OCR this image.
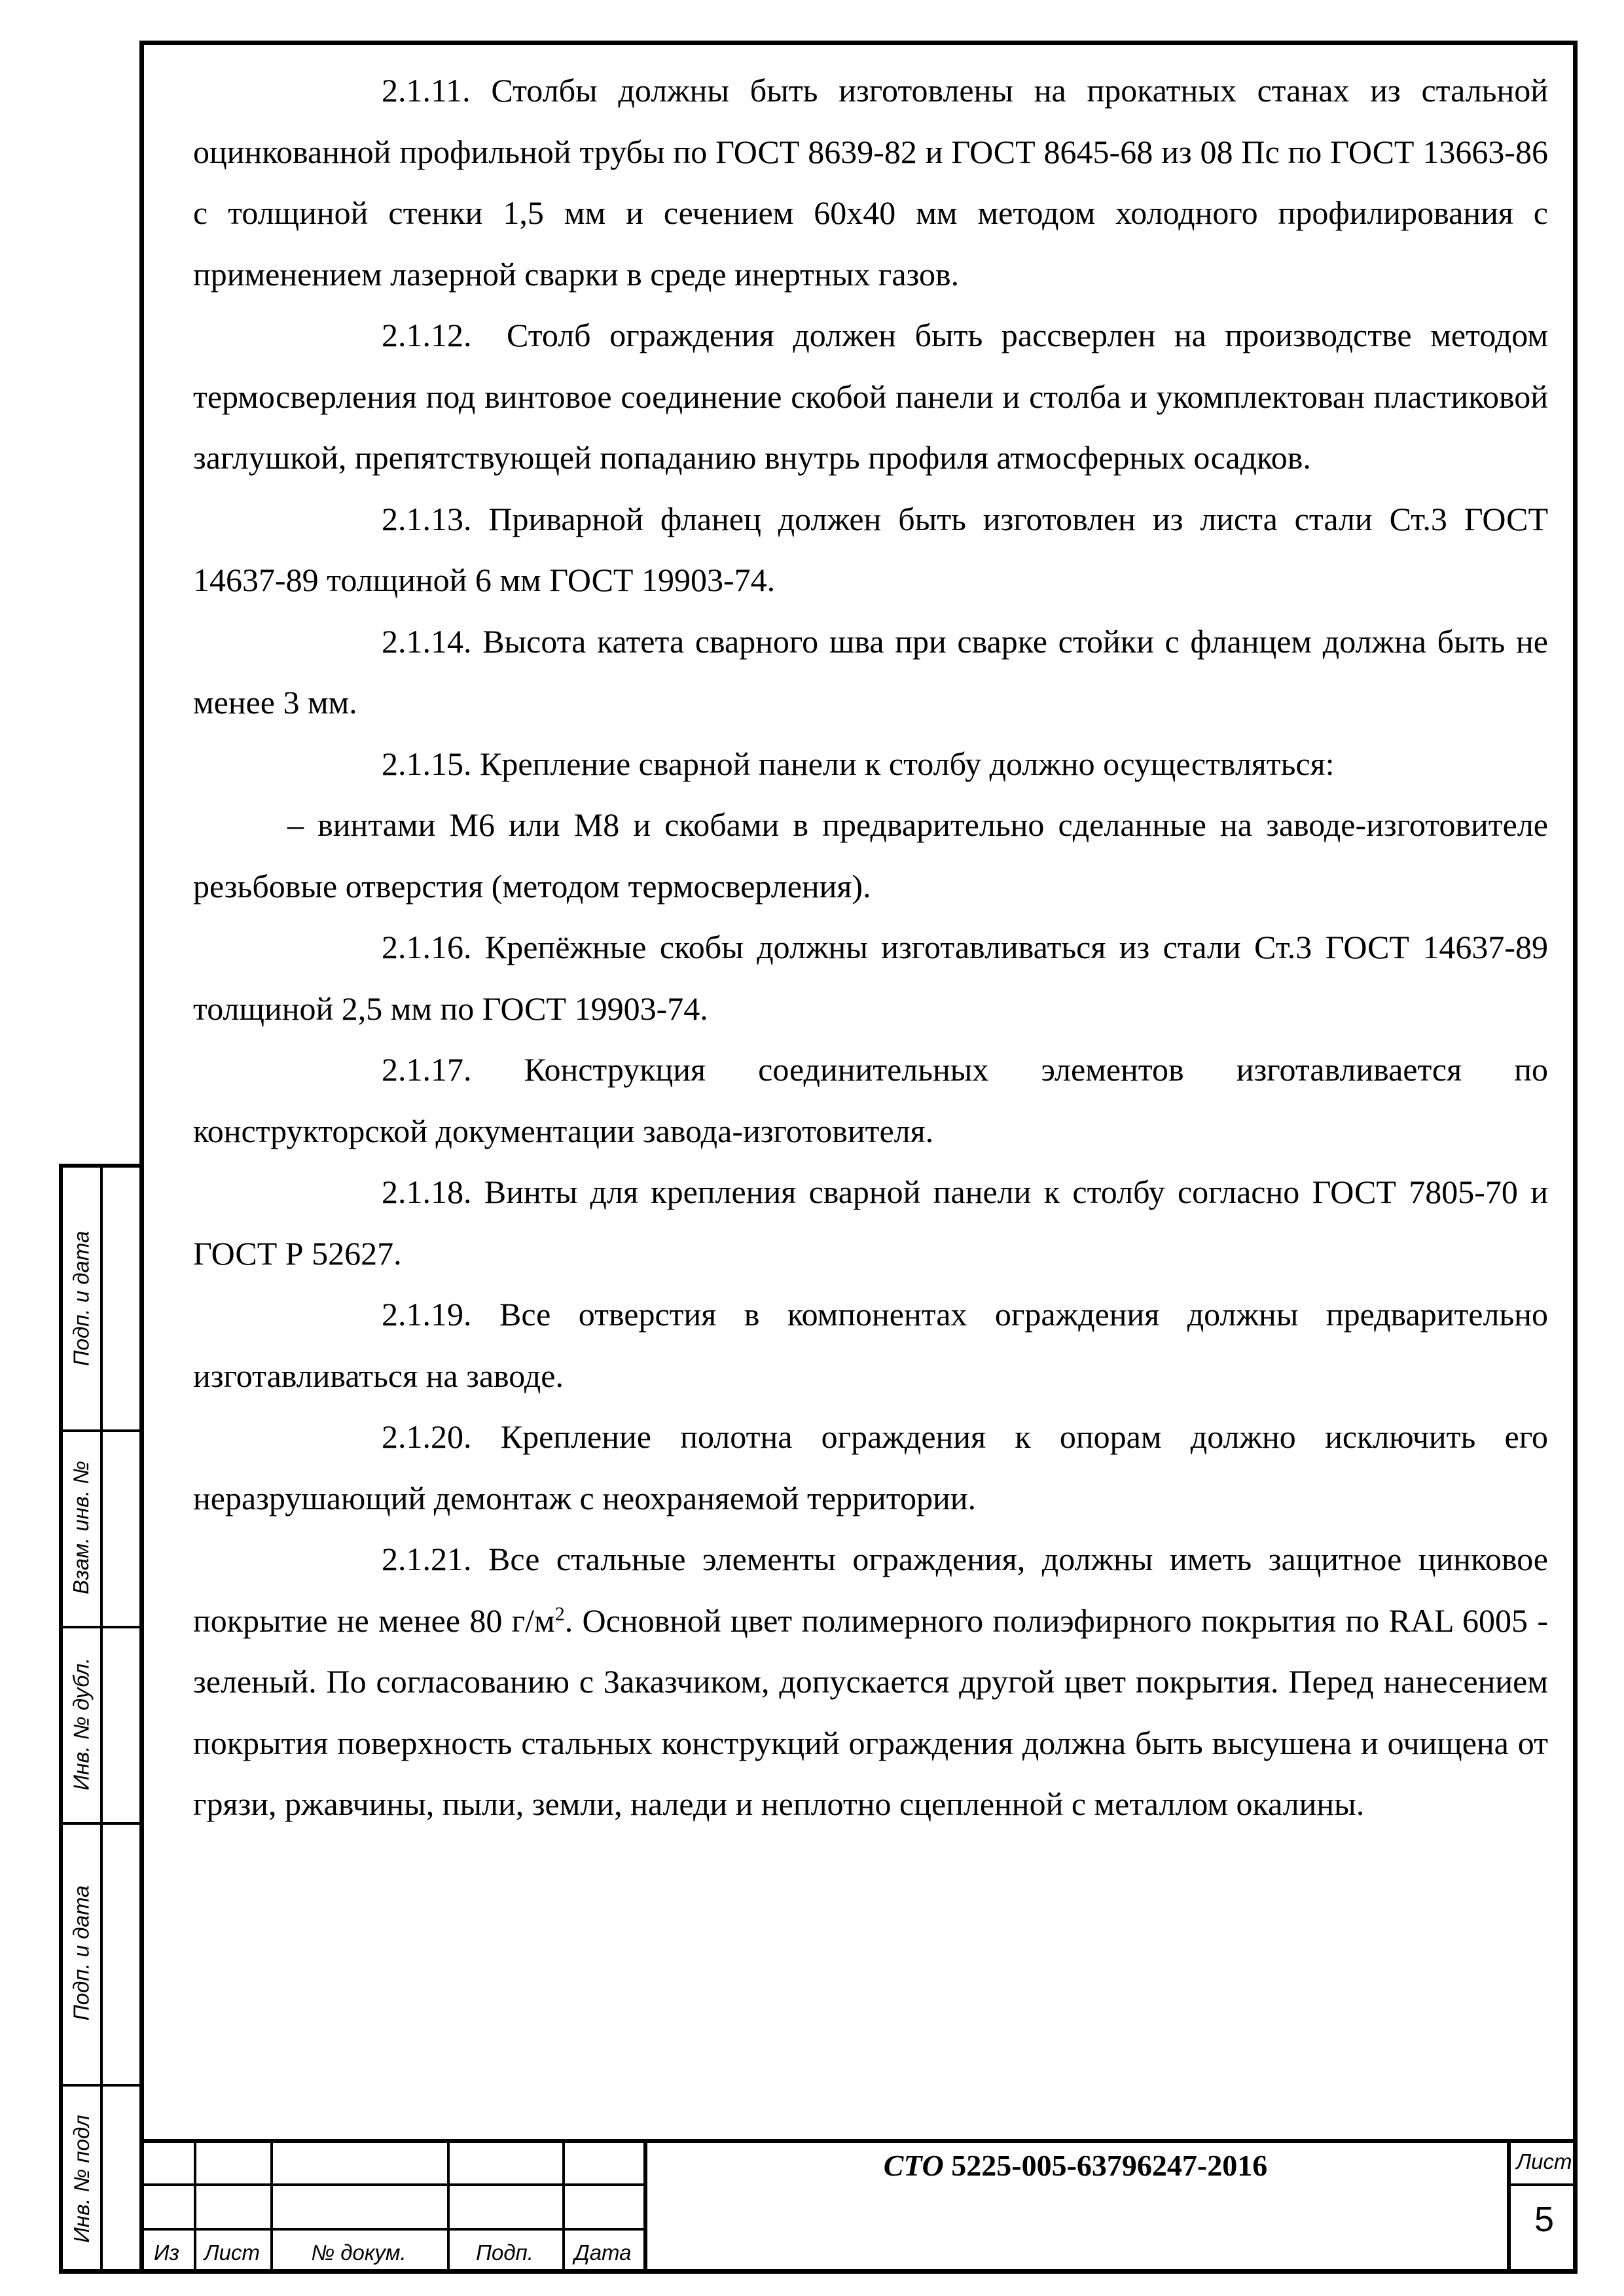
2.1.11. Столбы должны быть изготовлены на прокатных станах из стальной оцинкованной профильной трубы по ГОСТ 8639-82 и ГОСТ 8645-68 из 08 Пс по ГОСТ 13663-86 с толщиной стенки 1,5 мм и сечением 60х40 мм методом холодного профилирования с применением лазерной сварки в среде инертных газов.

2.1.12. Столб ограждения должен быть рассверлен на производстве методом термосверления под винтовое соединение скобой панели и столба и укомплектован пластиковой заглушкой, препятствующей попаданию внутрь профиля атмосферных осадков.

2.1.13. Приварной фланец должен быть изготовлен из листа стали Ст.3 ГОСТ 14637-89 толщиной 6 мм ГОСТ 19903-74.

2.1.14. Высота катета сварного шва при сварке стойки с фланцем должна быть не менее 3 мм.

2.1.15. Крепление сварной панели к столбу должно осуществляться:

– винтами М6 или М8 и скобами в предварительно сделанные на заводе-изготовителе резьбовые отверстия (методом термосверления).

2.1.16. Крепёжные скобы должны изготавливаться из стали Ст.3 ГОСТ 14637-89 толщиной 2,5 мм по ГОСТ 19903-74.

2.1.17. Конструкция соединительных элементов изготавливается по конструкторской документации завода-изготовителя.

2.1.18. Винты для крепления сварной панели к столбу согласно ГОСТ 7805-70 и ГОСТ Р 52627.

2.1.19. Все отверстия в компонентах ограждения должны предварительно изготавливаться на заводе.

2.1.20. Крепление полотна ограждения к опорам должно исключить его неразрушающий демонтаж с неохраняемой территории.

2.1.21. Все стальные элементы ограждения, должны иметь защитное цинковое покрытие не менее 80 $г/м^2$. Основной цвет полимерного полиэфирного покрытия по RAL 6005 - зеленый. По согласованию с Заказчиком, допускается другой цвет покрытия. Перед нанесением покрытия поверхность стальных конструкций ограждения должна быть высушена и очищена от грязи, ржавчины, пыли, земли, наледи и неплотно сцепленной с металлом окалины.

Подп. и дата
Взам. инв. №
Инв. № дубл.
Подп. и дата
Инв. № подл
Из	Лист	№ докум.	Подп.	Дата
СТО 5225-005-63796247-2016	Лист
5
